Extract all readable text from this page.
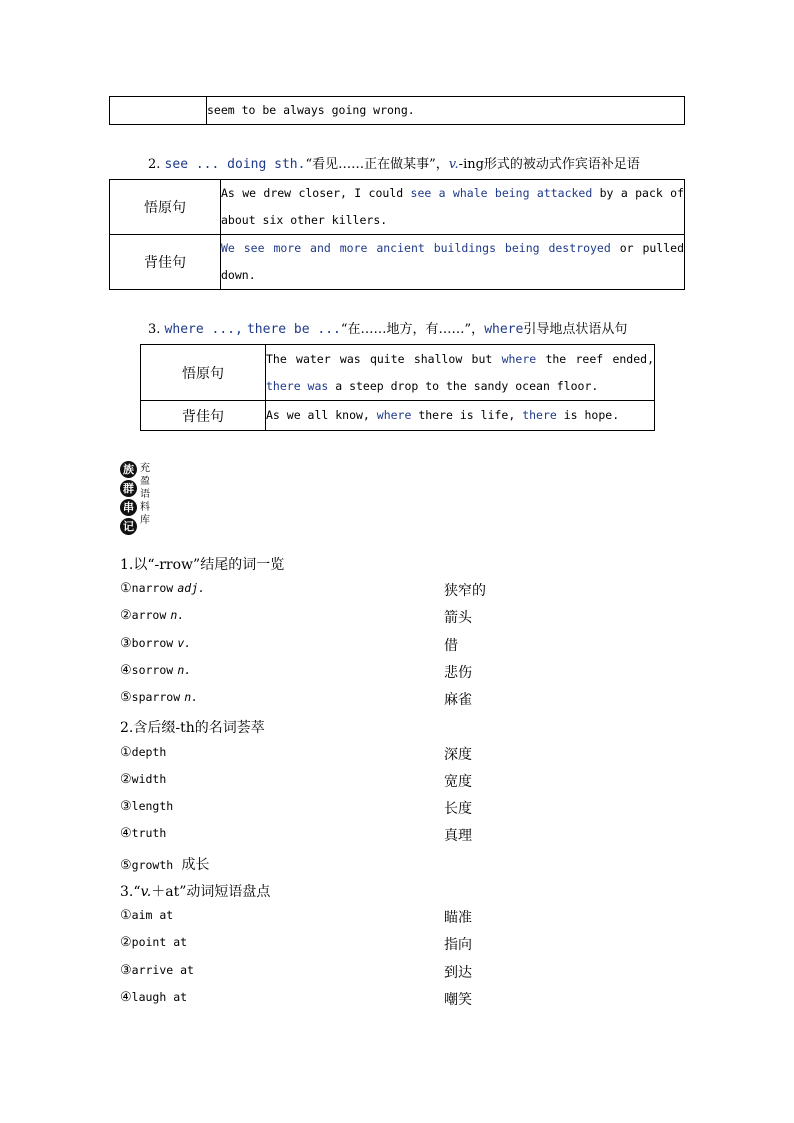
	seem to be always going wrong.
2. see ... doing sth.“看见……正在做某事”，v.-ing形式的被动式作宾语补足语
悟原句	As we drew closer, I could see a whale being attacked by a pack of about six other killers.
背佳句	We see more and more ancient buildings being destroyed or pulled down.
3. where ..., there be ...“在……地方，有……”，where引导地点状语从句
悟原句	The water was quite shallow but where the reef ended, there was a steep drop to the sandy ocean floor.
背佳句	As we all know, where there is life, there is hope.
族
群
串
记
充
盈
语
料
库
1.以“-rrow”结尾的词一览
①narrow adj.	狭窄的
②arrow n.	箭头
③borrow v.	借
④sorrow n.	悲伤
⑤sparrow n.	麻雀
2.含后缀-th的名词荟萃
①depth	深度
②width	宽度
③length	长度
④truth	真理
⑤growth 成长
3.“v.＋at”动词短语盘点
①aim at	瞄准
②point at	指向
③arrive at	到达
④laugh at	嘲笑
